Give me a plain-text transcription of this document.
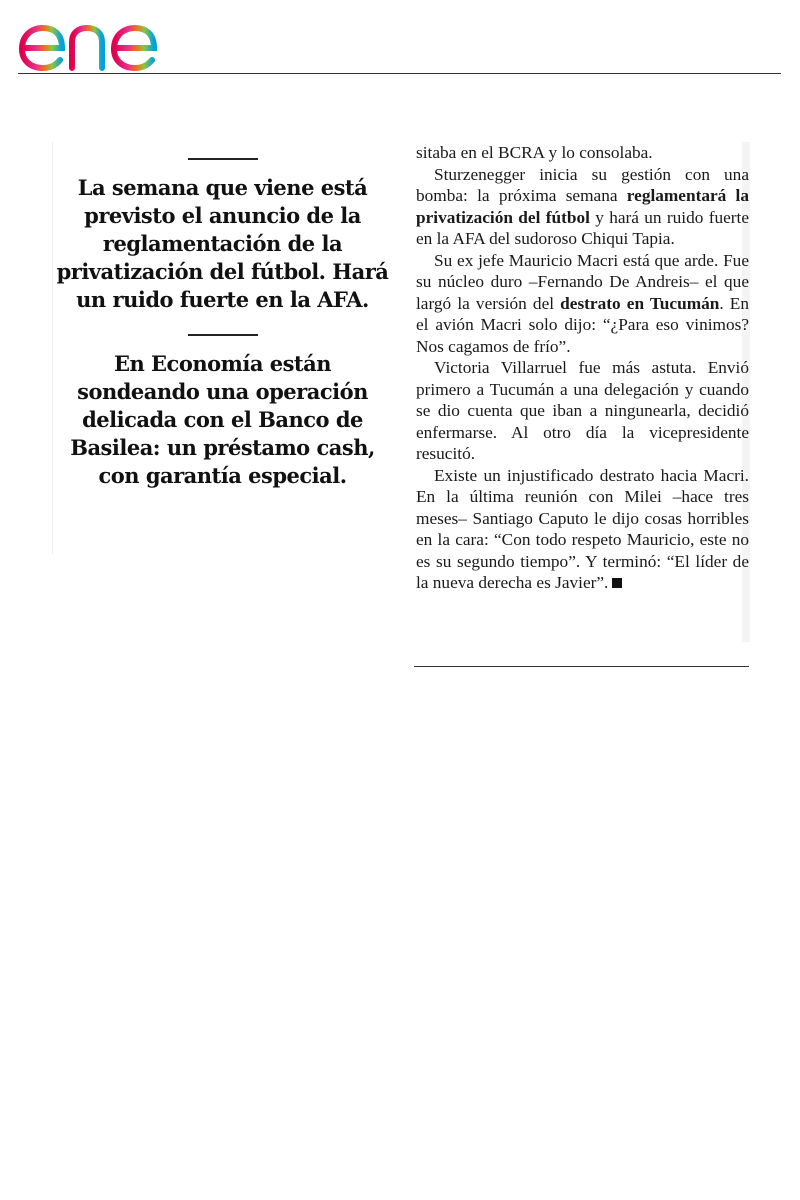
La semana que viene está previsto el anuncio de la reglamentación de la privatización del fútbol. Hará un ruido fuerte en la AFA.

En Economía están sondeando una operación delicada con el Banco de Basilea: un préstamo cash, con garantía especial.

sitaba en el BCRA y lo consolaba.

Sturzenegger inicia su gestión con una bomba: la próxima semana reglamentará la privatización del fútbol y hará un ruido fuerte en la AFA del sudoroso Chiqui Tapia.

Su ex jefe Mauricio Macri está que arde. Fue su núcleo duro –Fernando De Andreis– el que largó la versión del destrato en Tucumán. En el avión Macri solo dijo: “¿Para eso vinimos? Nos cagamos de frío”.

Victoria Villarruel fue más astuta. Envió primero a Tucumán a una delegación y cuando se dio cuenta que iban a ningunearla, decidió enfermarse. Al otro día la vicepresidente resucitó.

Existe un injustificado destrato hacia Macri. En la última reunión con Milei –hace tres meses– Santiago Caputo le dijo cosas horribles en la cara: “Con todo respeto Mauricio, este no es su segundo tiempo”. Y terminó: “El líder de la nueva derecha es Javier”.
